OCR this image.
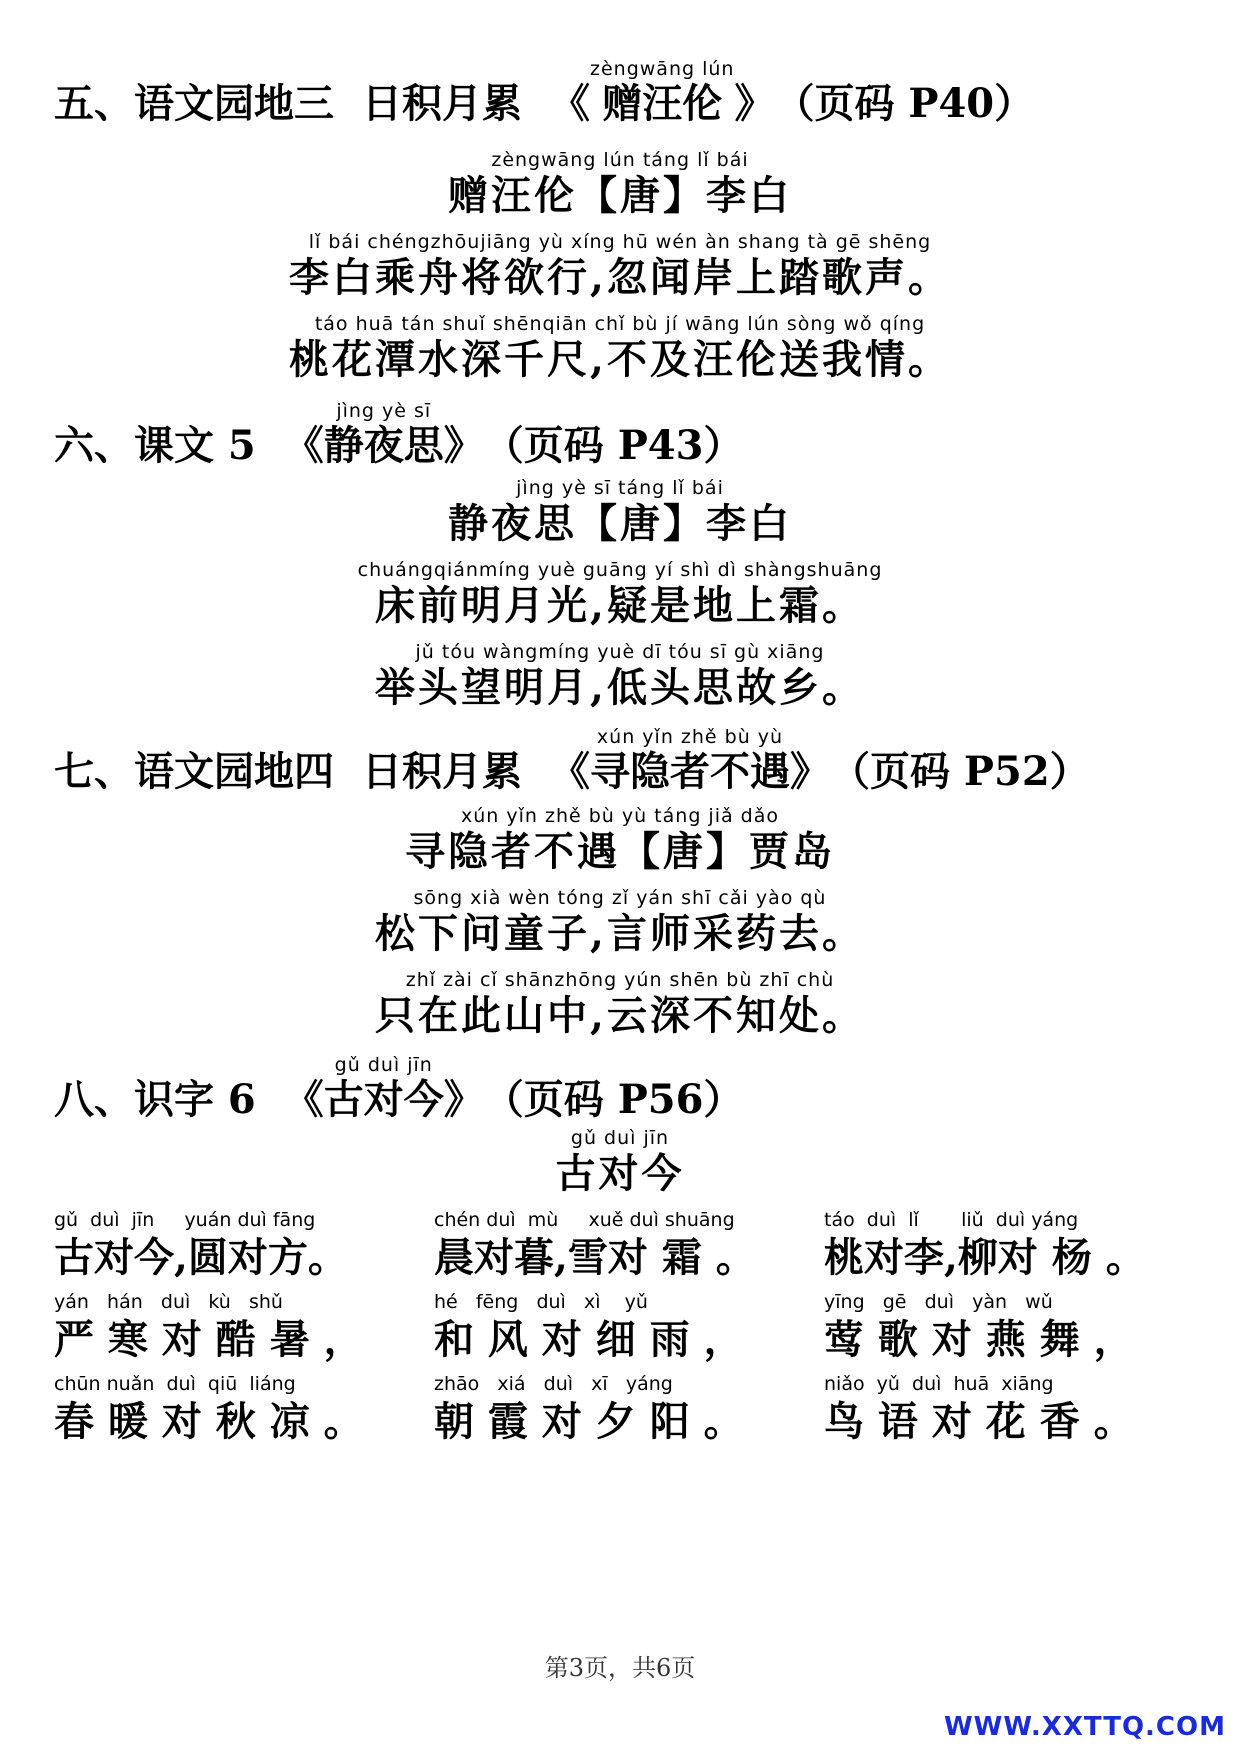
五、语文园地三 日积月累 《
zèngwāng lún
赠汪伦 》 （页码 P40）
zèngwāng lún táng lǐ bái
赠汪伦【唐】李白
lǐ bái chéngzhōujiāng yù xíng hū wén àn shang tà gē shēng
李白乘舟将欲行,忽闻岸上踏歌声。
táo huā tán shuǐ shēnqiān chǐ bù jí wāng lún sòng wǒ qíng
桃花潭水深千尺,不及汪伦送我情。
六、课文 5 《
jìng yè sī
静夜思 》 （页码 P43）
jìng yè sī táng lǐ bái
静夜思【唐】李白
chuángqiánmíng yuè guāng yí shì dì shàngshuāng
床前明月光,疑是地上霜。
jǔ tóu wàngmíng yuè dī tóu sī gù xiāng
举头望明月,低头思故乡。
七、语文园地四 日积月累 《
xún yǐn zhě bù yù
寻隐者不遇 》 （页码 P52）
xún yǐn zhě bù yù táng jiǎ dǎo
寻隐者不遇【唐】贾岛
sōng xià wèn tóng zǐ yán shī cǎi yào qù
松下问童子,言师采药去。
zhǐ zài cǐ shānzhōng yún shēn bù zhī chù
只在此山中,云深不知处。
八、识字 6 《
gǔ duì jīn
古对今 》 （页码 P56）
gǔ duì jīn
古对今
gǔ  duì  jīn     yuán duì fāng
古对今,圆对方。
chén duì  mù     xuě duì shuāng
晨对暮,雪对 霜 。
táo  duì  lǐ       liǔ  duì yáng
桃对李,柳对 杨 。
yán   hán   duì   kù   shǔ
严 寒 对 酷 暑 ，
hé   fēng   duì   xì    yǔ
和 风 对 细 雨 ，
yīng   gē   duì   yàn   wǔ
莺 歌 对 燕 舞 ，
chūn nuǎn  duì  qiū  liáng
春 暖 对 秋 凉 。
zhāo   xiá   duì   xī   yáng
朝 霞 对 夕 阳 。
niǎo  yǔ  duì  huā  xiāng
鸟 语 对 花 香 。
第3页，共6页
WWW.XXTTQ.COM
